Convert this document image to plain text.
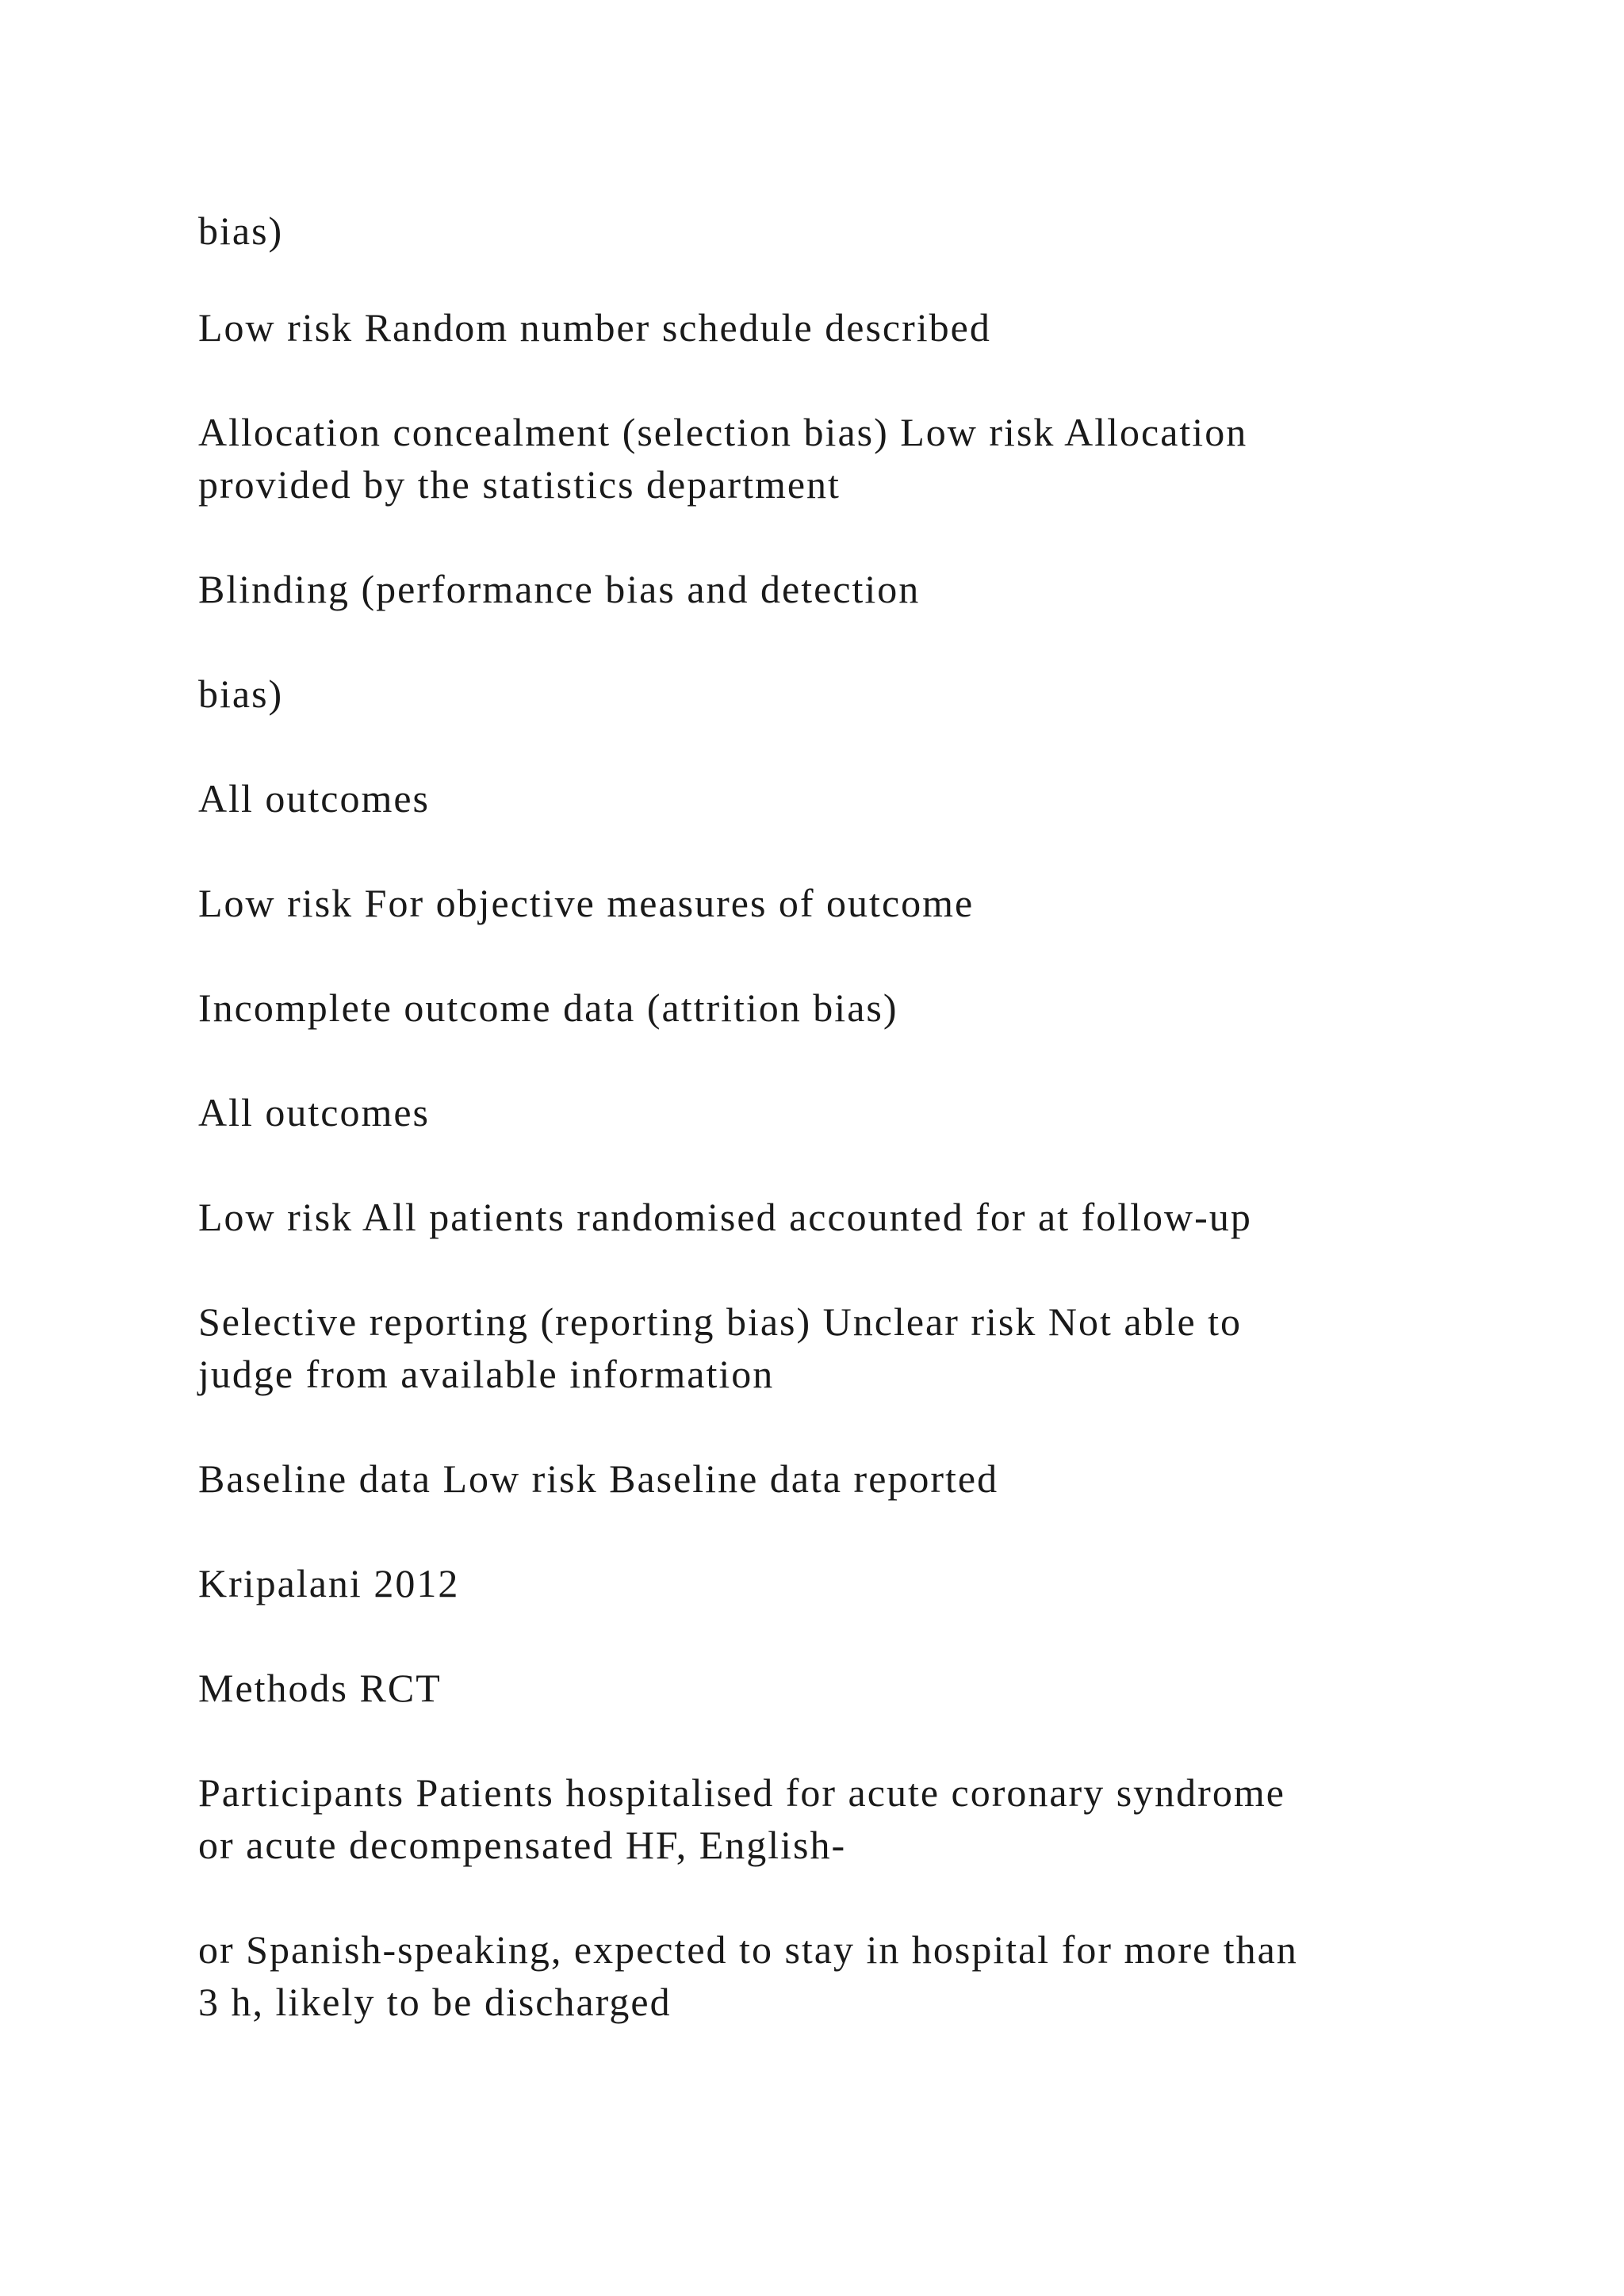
bias)

Low risk Random number schedule described

Allocation concealment (selection bias) Low risk Allocation
provided by the statistics department

Blinding (performance bias and detection

bias)

All outcomes

Low risk For objective measures of outcome

Incomplete outcome data (attrition bias)

All outcomes

Low risk All patients randomised accounted for at follow-up

Selective reporting (reporting bias) Unclear risk Not able to
judge from available information

Baseline data Low risk Baseline data reported

Kripalani 2012

Methods RCT

Participants Patients hospitalised for acute coronary syndrome
or acute decompensated HF, English-

or Spanish-speaking, expected to stay in hospital for more than
3 h, likely to be discharged
